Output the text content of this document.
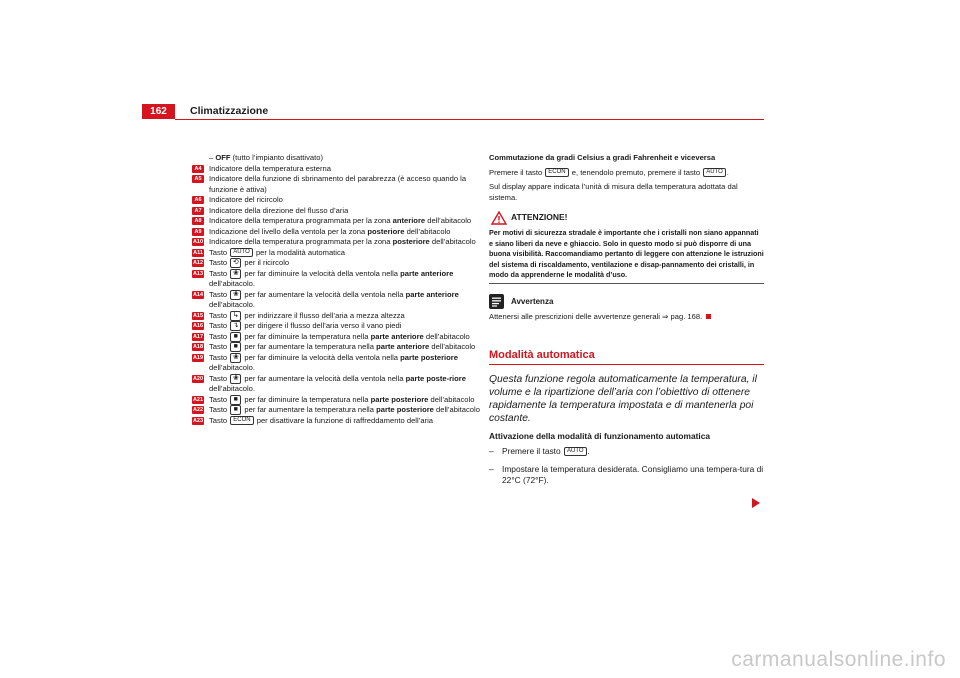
162	Climatizzazione
– OFF (tutto l’impianto disattivato)
A4 Indicatore della temperatura esterna
A5 Indicatore della funzione di sbrinamento del parabrezza (è acceso quando la funzione è attiva)
A6 Indicatore del ricircolo
A7 Indicatore della direzione del flusso d’aria
A8 Indicatore della temperatura programmata per la zona anteriore dell’abitacolo
A9 Indicazione del livello della ventola per la zona posteriore dell’abitacolo
A10 Indicatore della temperatura programmata per la zona posteriore dell’abitacolo
A11 Tasto AUTO per la modalità automatica
A12 Tasto ⟲ per il ricircolo
A13 Tasto ❀ per far diminuire la velocità della ventola nella parte anteriore dell’abitacolo.
A14 Tasto ❀ per far aumentare la velocità della ventola nella parte anteriore dell’abitacolo.
A15 Tasto ↳ per indirizzare il flusso dell’aria a mezza altezza
A16 Tasto ↴ per dirigere il flusso dell’aria verso il vano piedi
A17 Tasto ■ per far diminuire la temperatura nella parte anteriore dell’abitacolo
A18 Tasto ■ per far aumentare la temperatura nella parte anteriore dell’abitacolo
A19 Tasto ❀ per far diminuire la velocità della ventola nella parte posteriore dell’abitacolo.
A20 Tasto ❀ per far aumentare la velocità della ventola nella parte poste-riore dell’abitacolo.
A21 Tasto ■ per far diminuire la temperatura nella parte posteriore dell’abitacolo
A22 Tasto ■ per far aumentare la temperatura nella parte posteriore dell’abitacolo
A23 Tasto ECON per disattivare la funzione di raffreddamento dell’aria
Commutazione da gradi Celsius a gradi Fahrenheit e viceversa
Premere il tasto ECON e, tenendolo premuto, premere il tasto AUTO .
Sul display appare indicata l’unità di misura della temperatura adottata dal sistema.
ATTENZIONE!
Per motivi di sicurezza stradale è importante che i cristalli non siano appannati e siano liberi da neve e ghiaccio. Solo in questo modo si può disporre di una buona visibilità. Raccomandiamo pertanto di leggere con attenzione le istruzioni del sistema di riscaldamento, ventilazione e disap-pannamento dei cristalli, in modo da apprenderne le modalità d’uso.
Avvertenza
Attenersi alle prescrizioni delle avvertenze generali ⇒ pag. 168.
Modalità automatica
Questa funzione regola automaticamente la temperatura, il volume e la ripartizione dell’aria con l’obiettivo di ottenere rapidamente la temperatura impostata e di mantenerla poi costante.
Attivazione della modalità di funzionamento automatica
– Premere il tasto AUTO .
– Impostare la temperatura desiderata. Consigliamo una tempera-tura di 22°C (72°F).
carmanualsonline.info
